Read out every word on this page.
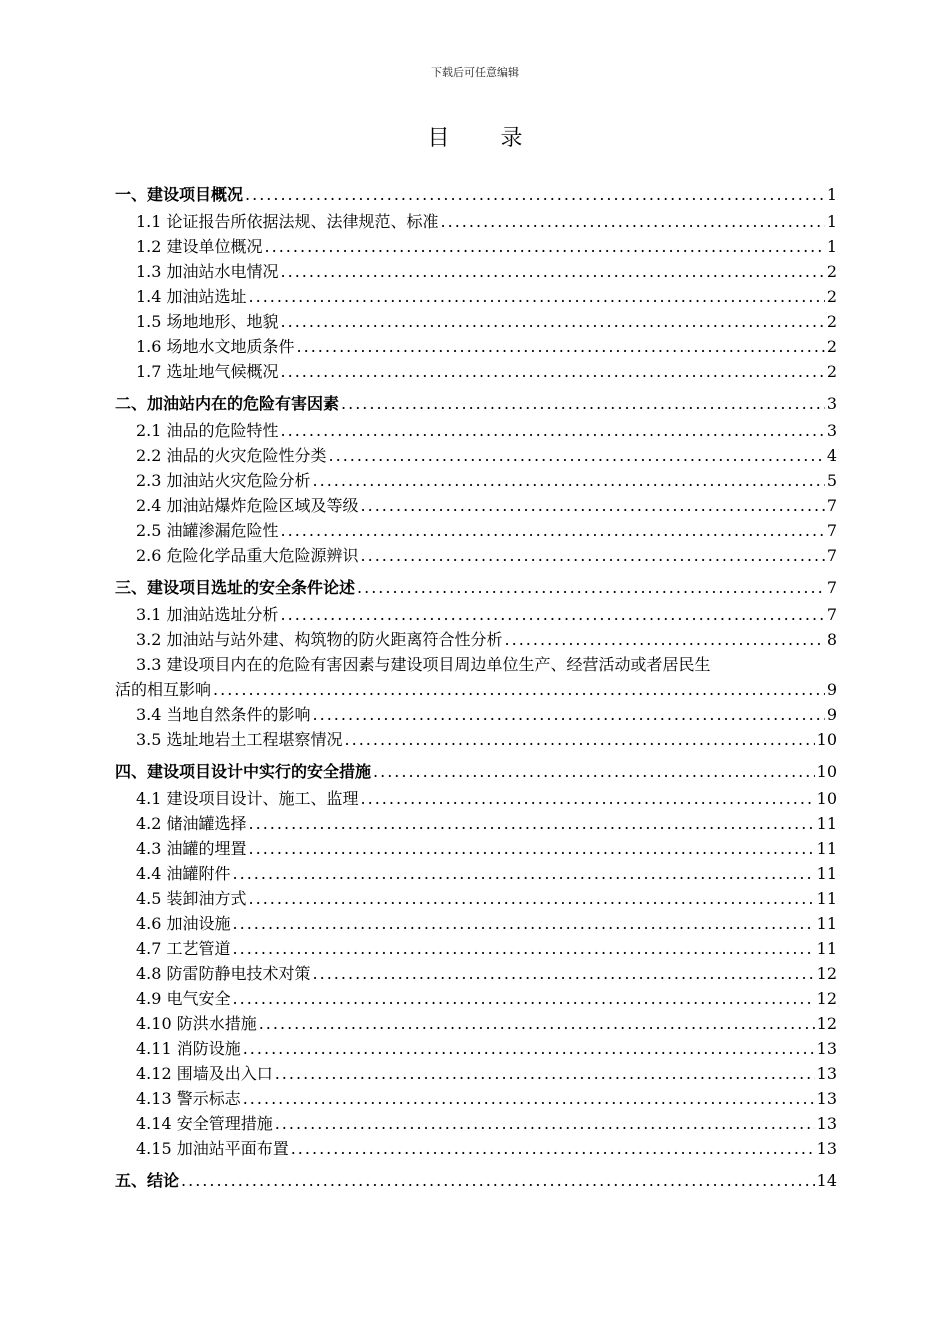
下载后可任意编辑
目 录
一、建设项目概况 .....	1
1.1 论证报告所依据法规、法律规范、标准 .....	1
1.2 建设单位概况 .....	1
1.3 加油站水电情况 .....	2
1.4 加油站选址 .....	2
1.5 场地地形、地貌 .....	2
1.6 场地水文地质条件 .....	2
1.7 选址地气候概况 .....	2
二、加油站内在的危险有害因素 .....	3
2.1 油品的危险特性 .....	3
2.2 油品的火灾危险性分类 .....	4
2.3 加油站火灾危险分析 .....	5
2.4 加油站爆炸危险区域及等级 .....	7
2.5 油罐渗漏危险性 .....	7
2.6 危险化学品重大危险源辨识 .....	7
三、建设项目选址的安全条件论述 .....	7
3.1 加油站选址分析 .....	7
3.2 加油站与站外建、构筑物的防火距离符合性分析 .....	8
3.3 建设项目内在的危险有害因素与建设项目周边单位生产、经营活动或者居民生
活的相互影响 .....	9
3.4 当地自然条件的影响 .....	9
3.5 选址地岩土工程堪察情况 .....	10
四、建设项目设计中实行的安全措施 .....	10
4.1 建设项目设计、施工、监理 .....	10
4.2 储油罐选择 .....	11
4.3 油罐的埋置 .....	11
4.4 油罐附件 .....	11
4.5 装卸油方式 .....	11
4.6 加油设施 .....	11
4.7 工艺管道 .....	11
4.8 防雷防静电技术对策 .....	12
4.9 电气安全 .....	12
4.10 防洪水措施 .....	12
4.11 消防设施 .....	13
4.12 围墙及出入口 .....	13
4.13 警示标志 .....	13
4.14 安全管理措施 .....	13
4.15 加油站平面布置 .....	13
五、结论 .....	14
